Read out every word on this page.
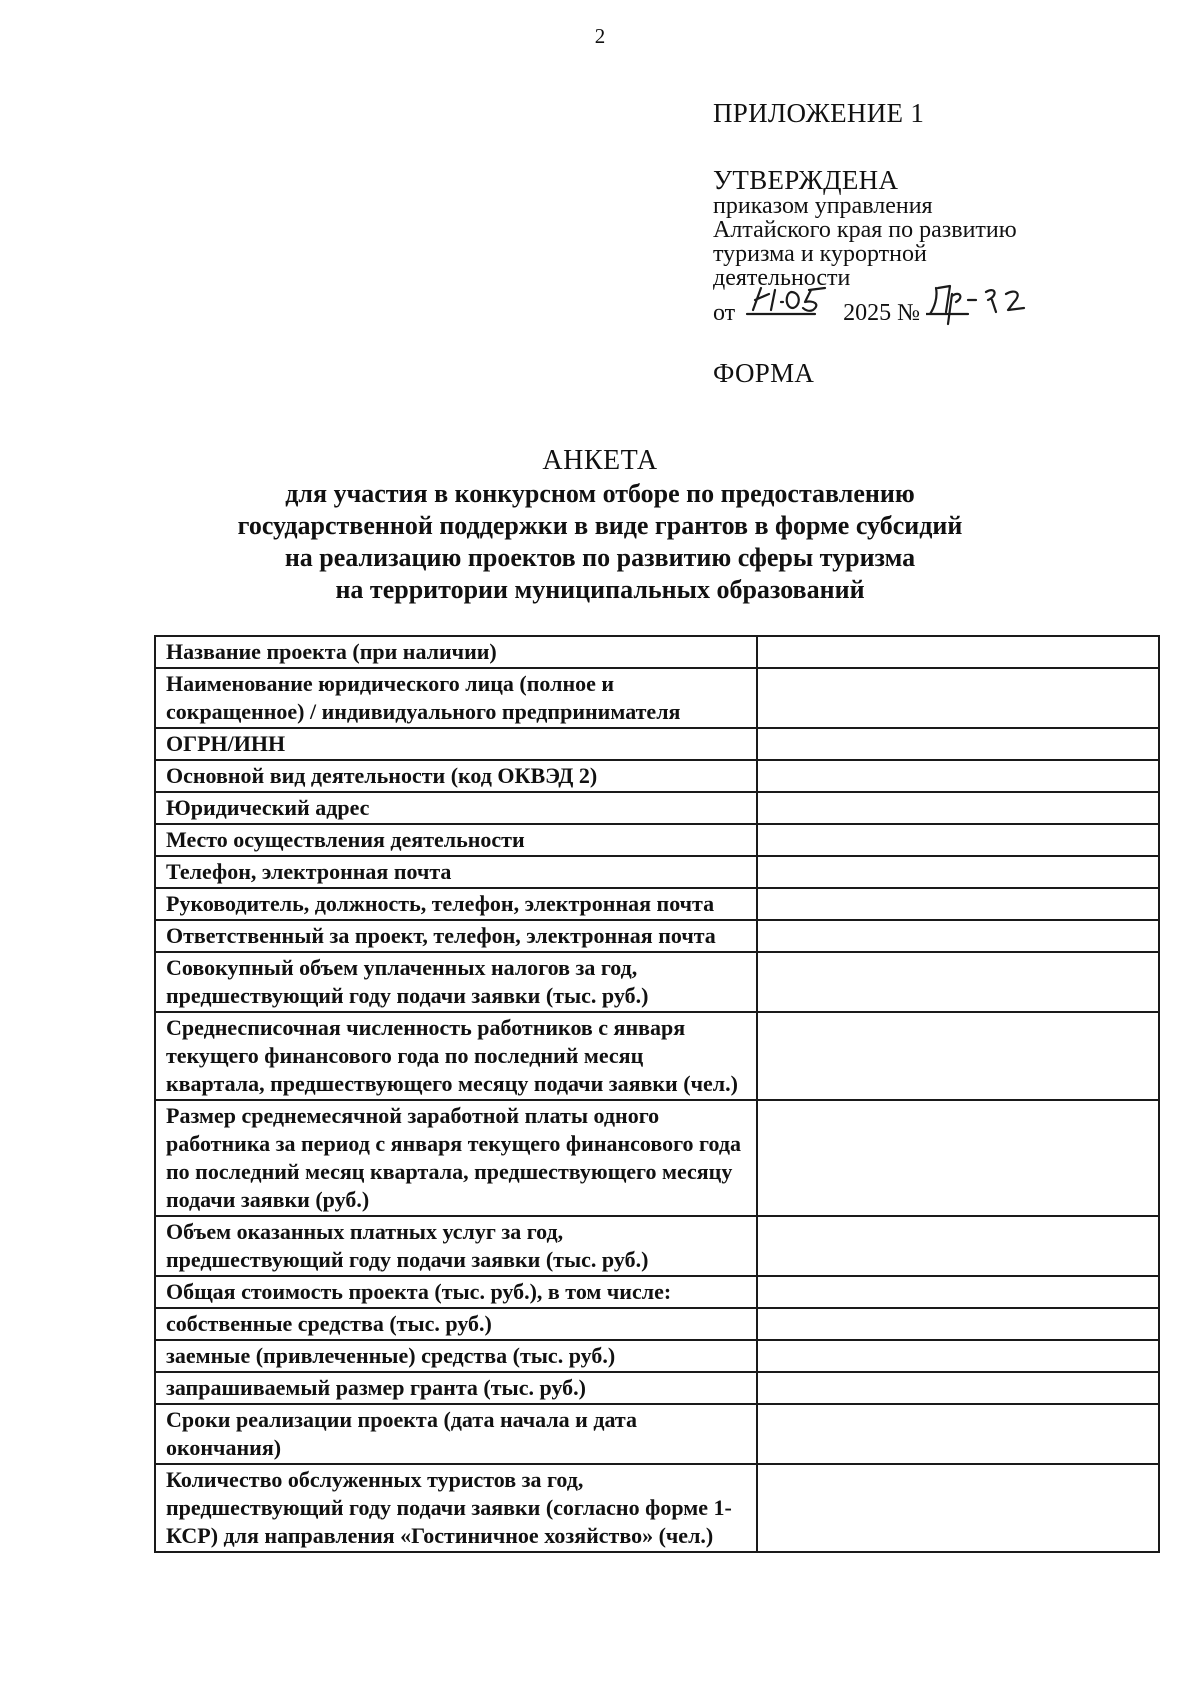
2
ПРИЛОЖЕНИЕ 1
УТВЕРЖДЕНА
приказом управления
Алтайского края по развитию
туризма и курортной
деятельности
от	2025 №
ФОРМА
АНКЕТА
для участия в конкурсном отборе по предоставлению
государственной поддержки в виде грантов в форме субсидий
на реализацию проектов по развитию сферы туризма
на территории муниципальных образований
Название проекта (при наличии)	
Наименование юридического лица (полное и сокращенное) / индивидуального предпринимателя	
ОГРН/ИНН	
Основной вид деятельности (код ОКВЭД 2)	
Юридический адрес	
Место осуществления деятельности	
Телефон, электронная почта	
Руководитель, должность, телефон, электронная почта	
Ответственный за проект, телефон, электронная почта	
Совокупный объем уплаченных налогов за год, предшествующий году подачи заявки (тыс. руб.)	
Среднесписочная численность работников с января текущего финансового года по последний месяц квартала, предшествующего месяцу подачи заявки (чел.)	
Размер среднемесячной заработной платы одного работника за период с января текущего финансового года по последний месяц квартала, предшествующего месяцу подачи заявки (руб.)	
Объем оказанных платных услуг за год, предшествующий году подачи заявки (тыс. руб.)	
Общая стоимость проекта (тыс. руб.), в том числе:	
собственные средства (тыс. руб.)	
заемные (привлеченные) средства (тыс. руб.)	
запрашиваемый размер гранта (тыс. руб.)	
Сроки реализации проекта (дата начала и дата окончания)	
Количество обслуженных туристов за год, предшествующий году подачи заявки (согласно форме 1-КСР) для направления «Гостиничное хозяйство» (чел.)	
